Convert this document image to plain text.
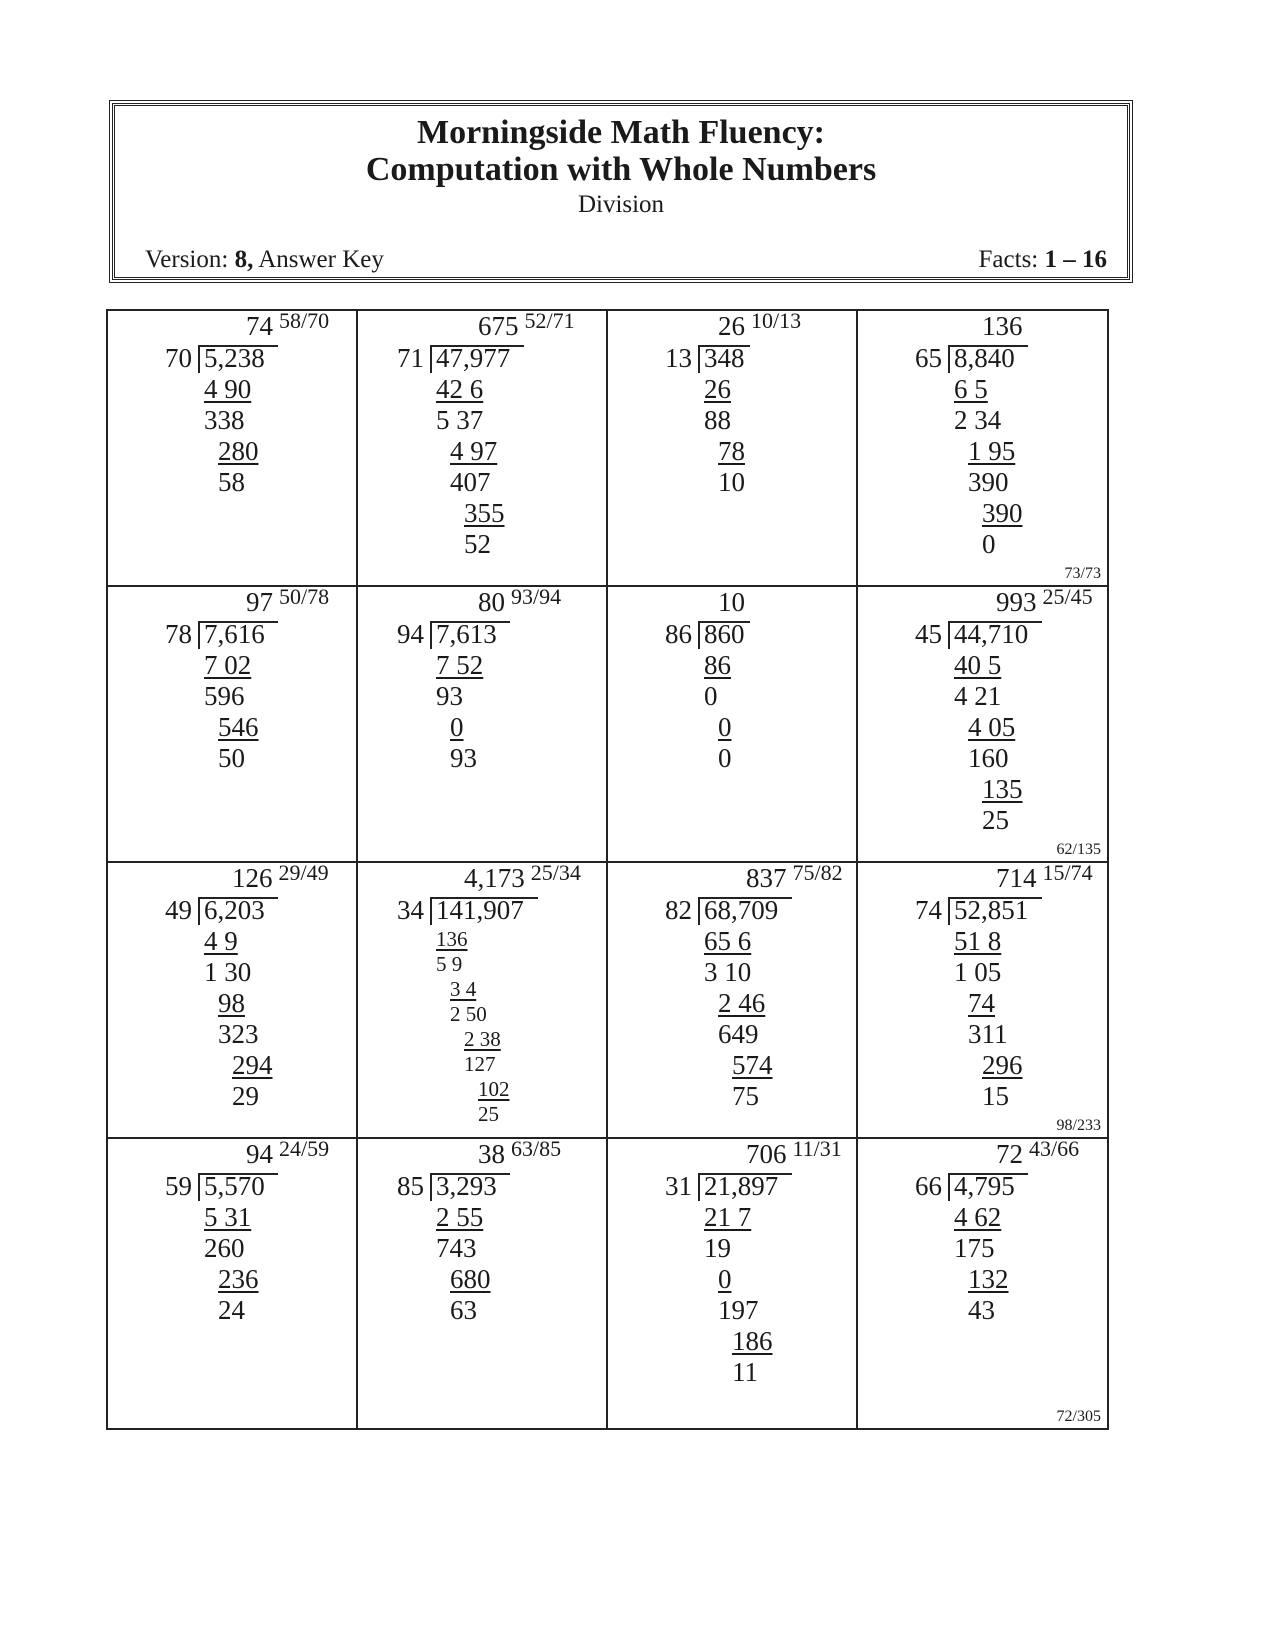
Morningside Math Fluency:
Computation with Whole Numbers
Division
Version: 8, Answer Key	Facts: 1 – 16
74 $^{58/70}$
70 5,238
4 90
338
280
58
675 $^{52/71}$
71 47,977
42 6
5 37
4 97
407
355
52
26 $^{10/13}$
13 348
26
88
78
10
136
65 8,840
6 5
2 34
1 95
390
390
0
73/73
97 $^{50/78}$
78 7,616
7 02
596
546
50
80 $^{93/94}$
94 7,613
7 52
93
0
93
10
86 860
86
0
0
0
993 $^{25/45}$
45 44,710
40 5
4 21
4 05
160
135
25
62/135
126 $^{29/49}$
49 6,203
4 9
1 30
98
323
294
29
4,173 $^{25/34}$
34 141,907
136
5 9
3 4
2 50
2 38
127
102
25
837 $^{75/82}$
82 68,709
65 6
3 10
2 46
649
574
75
714 $^{15/74}$
74 52,851
51 8
1 05
74
311
296
15
98/233
94 $^{24/59}$
59 5,570
5 31
260
236
24
38 $^{63/85}$
85 3,293
2 55
743
680
63
706 $^{11/31}$
31 21,897
21 7
19
0
197
186
11
72 $^{43/66}$
66 4,795
4 62
175
132
43
72/305
